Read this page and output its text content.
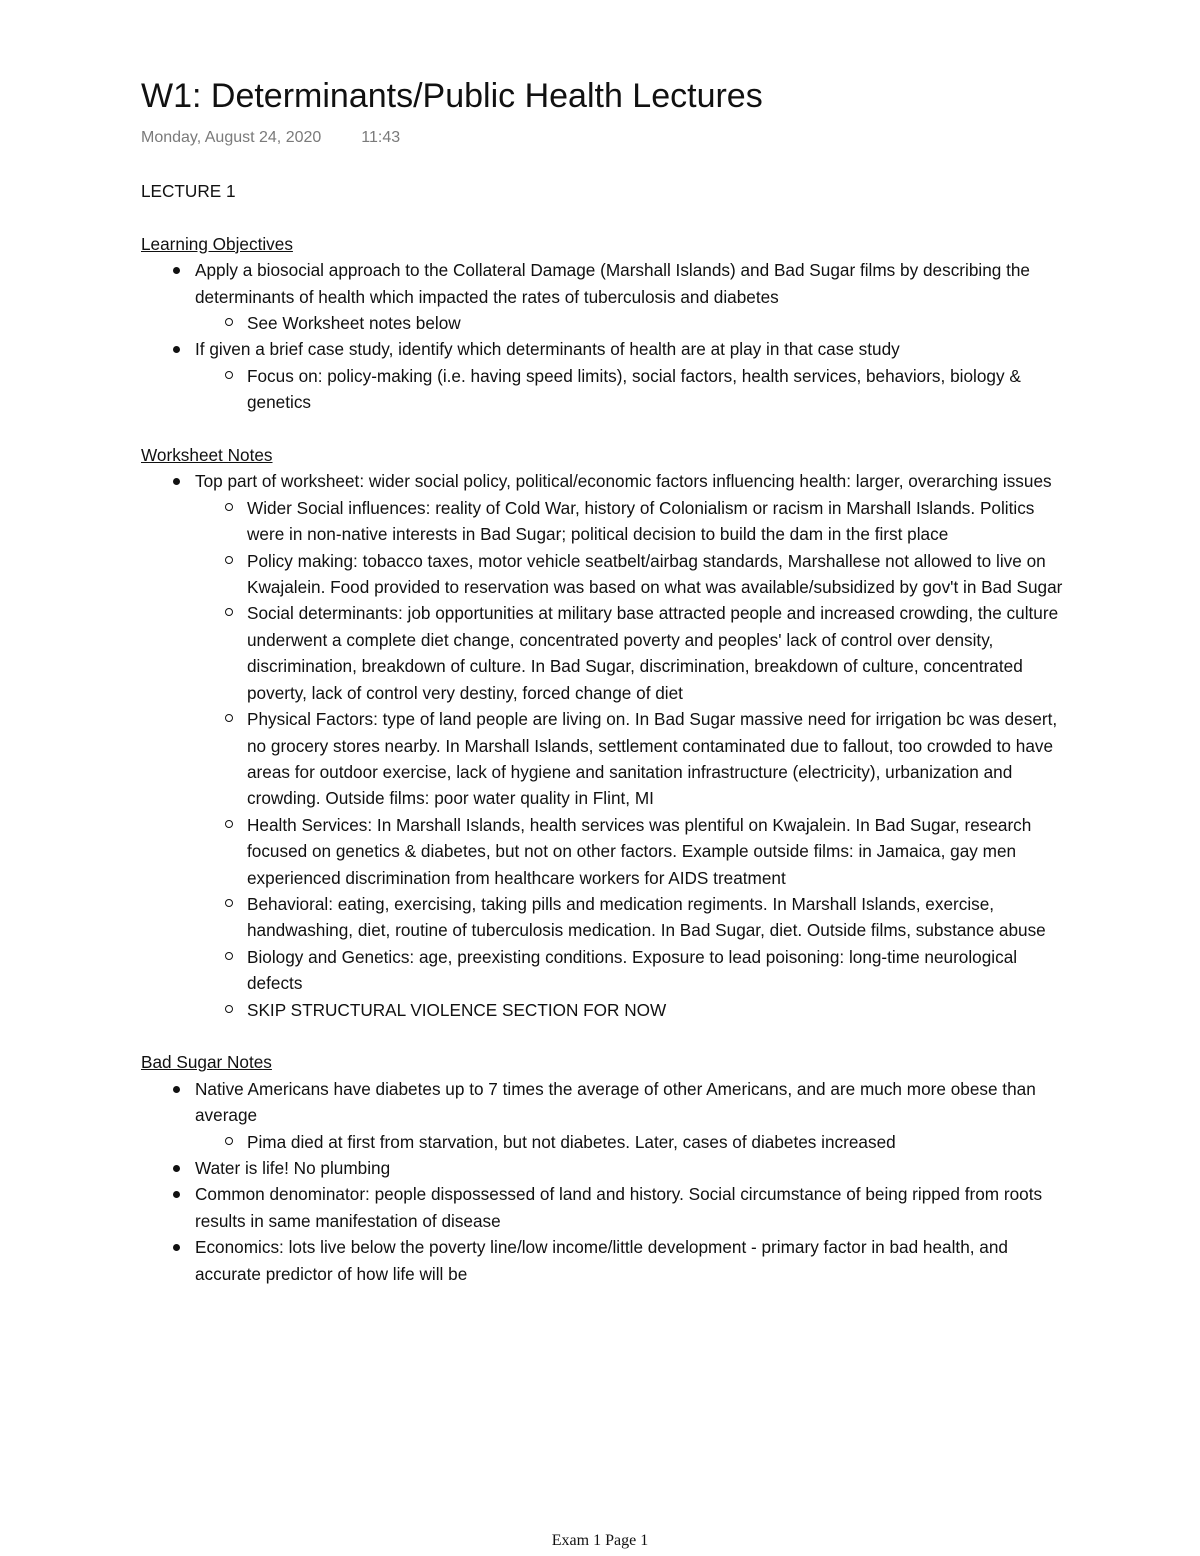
W1: Determinants/Public Health Lectures
Monday, August 24, 2020	11:43

LECTURE 1

Learning Objectives

Apply a biosocial approach to the Collateral Damage (Marshall Islands) and Bad Sugar films by describing the determinants of health which impacted the rates of tuberculosis and diabetes
See Worksheet notes below
If given a brief case study, identify which determinants of health are at play in that case study
Focus on: policy-making (i.e. having speed limits), social factors, health services, behaviors, biology & genetics

Worksheet Notes

Top part of worksheet: wider social policy, political/economic factors influencing health: larger, overarching issues
Wider Social influences: reality of Cold War, history of Colonialism or racism in Marshall Islands. Politics were in non-native interests in Bad Sugar; political decision to build the dam in the first place
Policy making: tobacco taxes, motor vehicle seatbelt/airbag standards, Marshallese not allowed to live on Kwajalein. Food provided to reservation was based on what was available/subsidized by gov't in Bad Sugar
Social determinants: job opportunities at military base attracted people and increased crowding, the culture underwent a complete diet change, concentrated poverty and peoples' lack of control over density, discrimination, breakdown of culture. In Bad Sugar, discrimination, breakdown of culture, concentrated poverty, lack of control very destiny, forced change of diet
Physical Factors: type of land people are living on. In Bad Sugar massive need for irrigation bc was desert, no grocery stores nearby. In Marshall Islands, settlement contaminated due to fallout, too crowded to have areas for outdoor exercise, lack of hygiene and sanitation infrastructure (electricity), urbanization and crowding. Outside films: poor water quality in Flint, MI
Health Services: In Marshall Islands, health services was plentiful on Kwajalein. In Bad Sugar, research focused on genetics & diabetes, but not on other factors. Example outside films: in Jamaica, gay men experienced discrimination from healthcare workers for AIDS treatment
Behavioral: eating, exercising, taking pills and medication regiments. In Marshall Islands, exercise, handwashing, diet, routine of tuberculosis medication. In Bad Sugar, diet. Outside films, substance abuse
Biology and Genetics: age, preexisting conditions. Exposure to lead poisoning: long-time neurological defects
SKIP STRUCTURAL VIOLENCE SECTION FOR NOW

Bad Sugar Notes

Native Americans have diabetes up to 7 times the average of other Americans, and are much more obese than average
Pima died at first from starvation, but not diabetes. Later, cases of diabetes increased
Water is life! No plumbing
Common denominator: people dispossessed of land and history. Social circumstance of being ripped from roots results in same manifestation of disease
Economics: lots live below the poverty line/low income/little development - primary factor in bad health, and accurate predictor of how life will be
Exam 1 Page 1
